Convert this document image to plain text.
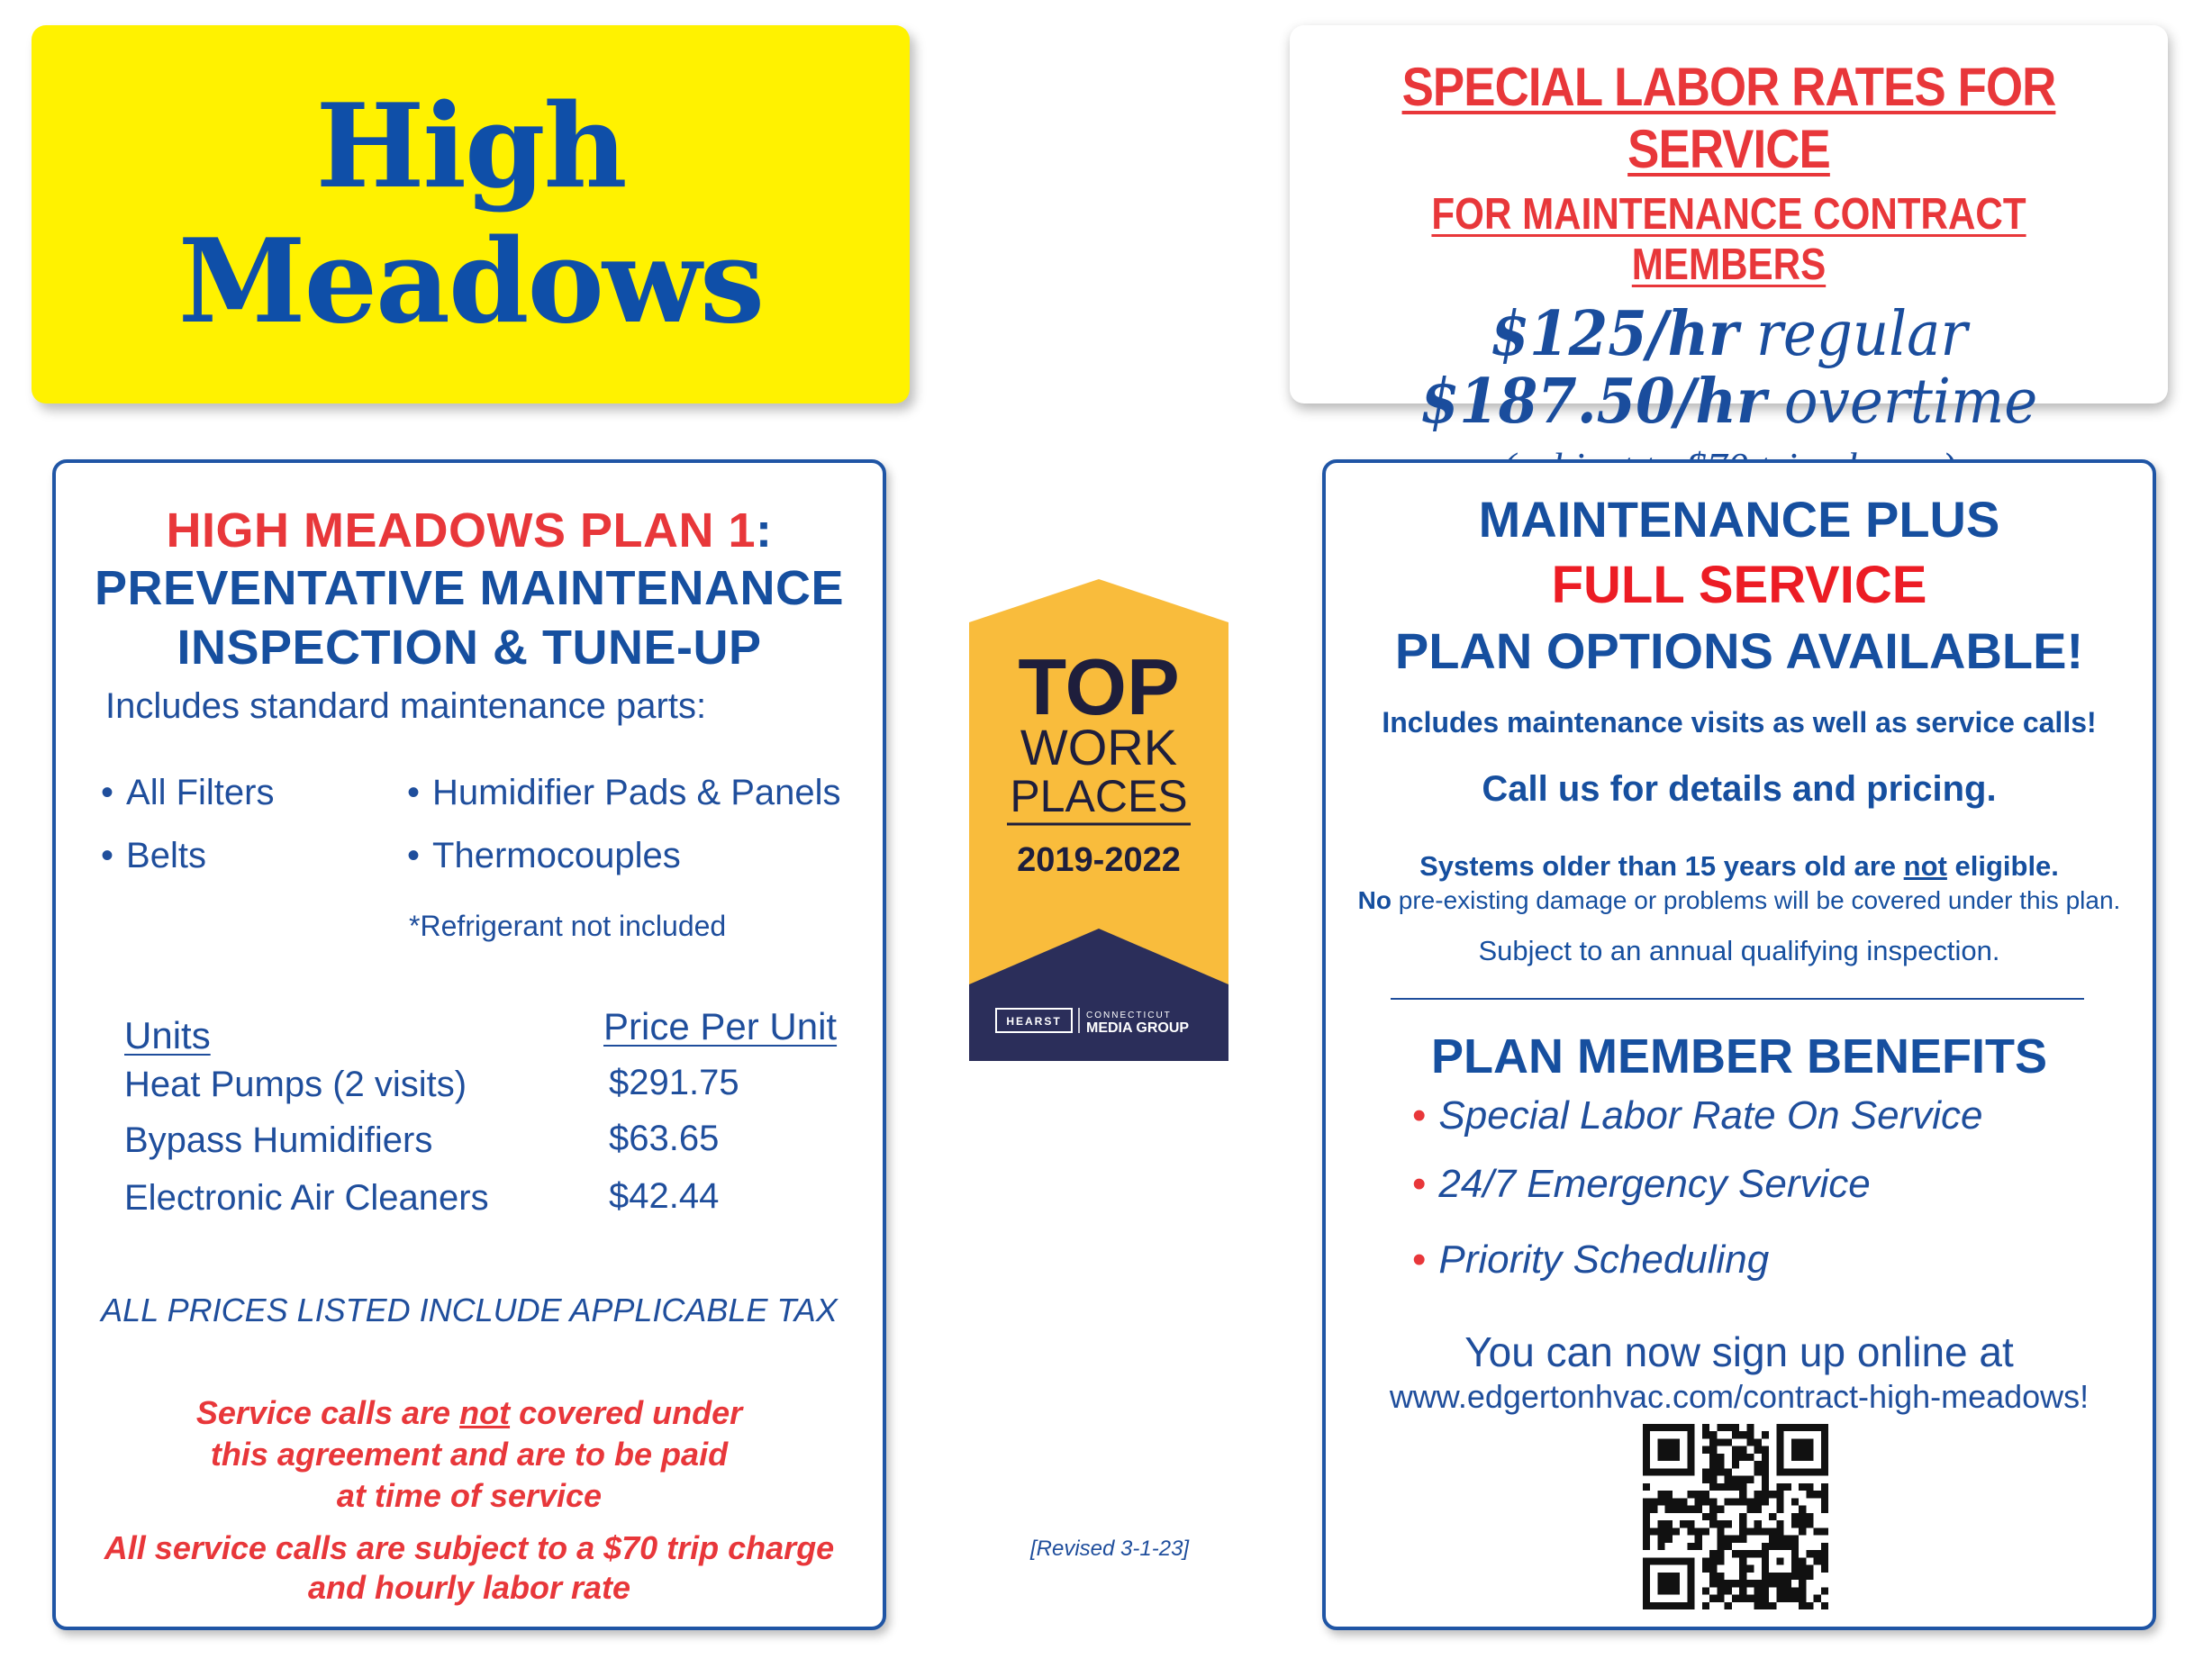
High
Meadows
SPECIAL LABOR RATES FOR SERVICE
FOR MAINTENANCE CONTRACT MEMBERS
$125/hr regular
$187.50/hr overtime
HIGH MEADOWS PLAN 1:
PREVENTATIVE MAINTENANCE
INSPECTION & TUNE-UP
Includes standard maintenance parts:
• All Filters
• Belts
• Humidifier Pads & Panels
• Thermocouples
*Refrigerant not included
Units	Price Per Unit
Heat Pumps (2 visits)	$291.75
Bypass Humidifiers	$63.65
Electronic Air Cleaners	$42.44
ALL PRICES LISTED INCLUDE APPLICABLE TAX
Service calls are not covered under
this agreement and are to be paid
at time of service
All service calls are subject to a $70 trip charge
and hourly labor rate
TOP
WORK
PLACES
2019-2022
HEARST	CONNECTICUT
MEDIA GROUP
[Revised 3-1-23]
MAINTENANCE PLUS
FULL SERVICE
PLAN OPTIONS AVAILABLE!
Includes maintenance visits as well as service calls!
Call us for details and pricing.
Systems older than 15 years old are not eligible.
No pre-existing damage or problems will be covered under this plan.
Subject to an annual qualifying inspection.
PLAN MEMBER BENEFITS
• Special Labor Rate On Service
• 24/7 Emergency Service
• Priority Scheduling
You can now sign up online at
www.edgertonhvac.com/contract-high-meadows!
